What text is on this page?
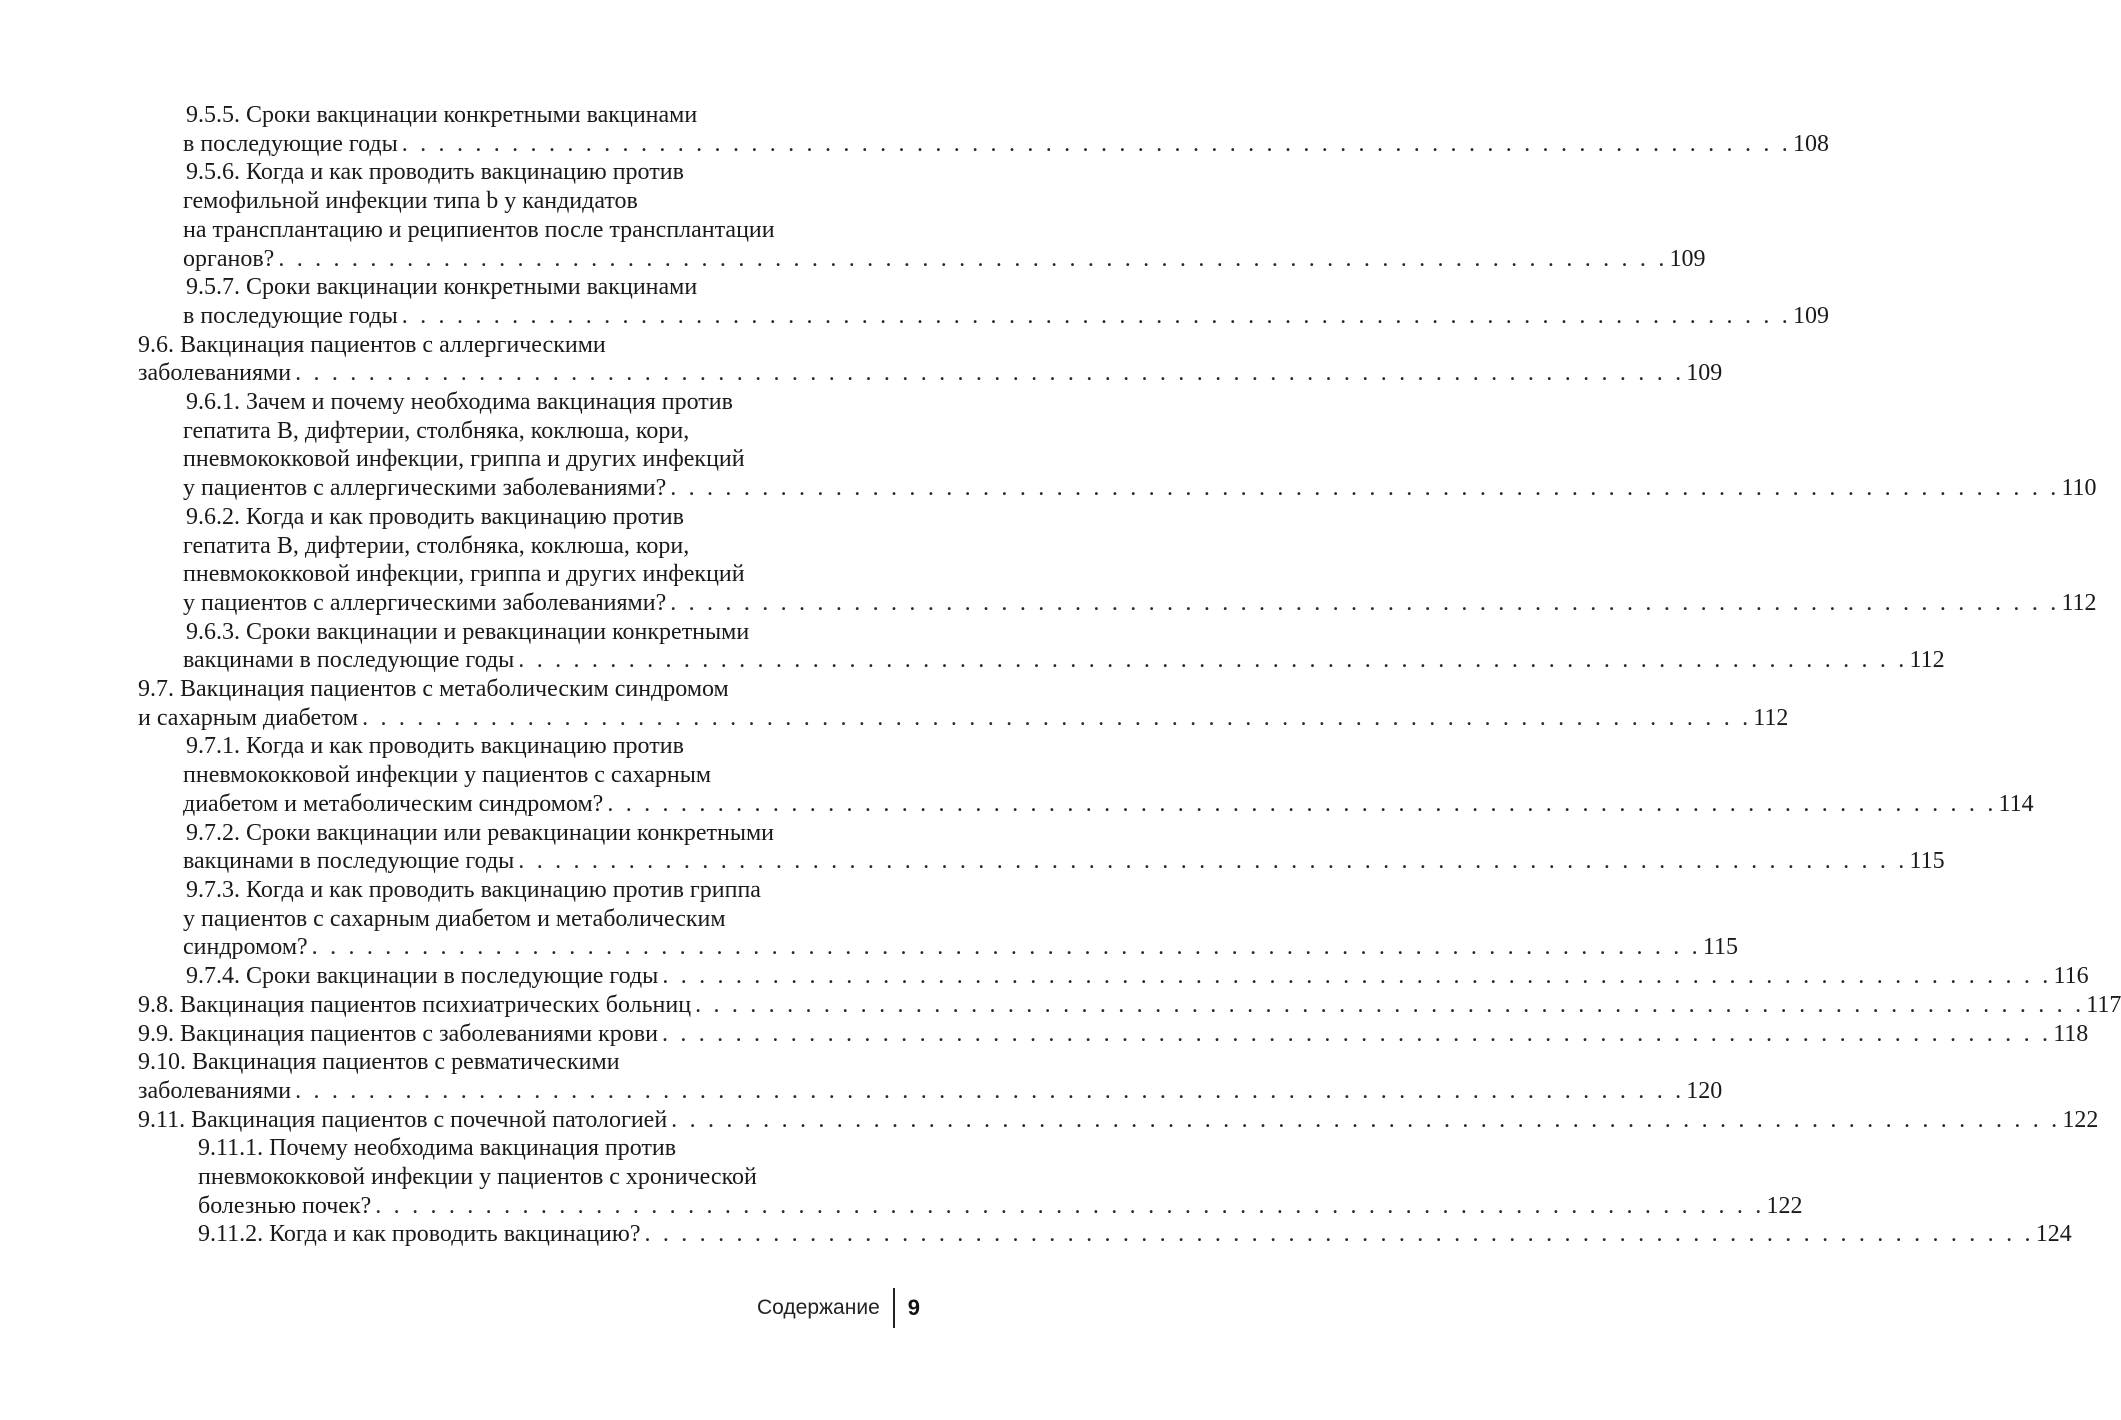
9.5.5. Сроки вакцинации конкретными вакцинами
в последующие годы . . . . . . . . . . . . . . . . . . . . . . . . . . . . . . . . . . . . . . . . . . . . . . . . . . . . . . . . . . . . . . . . . . . . . . . . . . . . 108
9.5.6. Когда и как проводить вакцинацию против
гемофильной инфекции типа b у кандидатов
на трансплантацию и реципиентов после трансплантации
органов? . . . . . . . . . . . . . . . . . . . . . . . . . . . . . . . . . . . . . . . . . . . . . . . . . . . . . . . . . . . . . . . . . . . . . . . . . . . . 109
9.5.7. Сроки вакцинации конкретными вакцинами
в последующие годы . . . . . . . . . . . . . . . . . . . . . . . . . . . . . . . . . . . . . . . . . . . . . . . . . . . . . . . . . . . . . . . . . . . . . . . . . . . . 109
9.6. Вакцинация пациентов с аллергическими
заболеваниями . . . . . . . . . . . . . . . . . . . . . . . . . . . . . . . . . . . . . . . . . . . . . . . . . . . . . . . . . . . . . . . . . . . . . . . . . . . . 109
9.6.1. Зачем и почему необходима вакцинация против
гепатита В, дифтерии, столбняка, коклюша, кори,
пневмококковой инфекции, гриппа и других инфекций
у пациентов с аллергическими заболеваниями? . . . . . . . . . . . . . . . . . . . . . . . . . . . . . . . . . . . . . . . . . . . . . . . . . . . . . . . . . . . . . . . . . . . . . . . . . . . . 110
9.6.2. Когда и как проводить вакцинацию против
гепатита В, дифтерии, столбняка, коклюша, кори,
пневмококковой инфекции, гриппа и других инфекций
у пациентов с аллергическими заболеваниями? . . . . . . . . . . . . . . . . . . . . . . . . . . . . . . . . . . . . . . . . . . . . . . . . . . . . . . . . . . . . . . . . . . . . . . . . . . . . 112
9.6.3. Сроки вакцинации и ревакцинации конкретными
вакцинами в последующие годы . . . . . . . . . . . . . . . . . . . . . . . . . . . . . . . . . . . . . . . . . . . . . . . . . . . . . . . . . . . . . . . . . . . . . . . . . . . . 112
9.7. Вакцинация пациентов с метаболическим синдромом
и сахарным диабетом . . . . . . . . . . . . . . . . . . . . . . . . . . . . . . . . . . . . . . . . . . . . . . . . . . . . . . . . . . . . . . . . . . . . . . . . . . . . 112
9.7.1. Когда и как проводить вакцинацию против
пневмококковой инфекции у пациентов с сахарным
диабетом и метаболическим синдромом? . . . . . . . . . . . . . . . . . . . . . . . . . . . . . . . . . . . . . . . . . . . . . . . . . . . . . . . . . . . . . . . . . . . . . . . . . . . . 114
9.7.2. Сроки вакцинации или ревакцинации конкретными
вакцинами в последующие годы . . . . . . . . . . . . . . . . . . . . . . . . . . . . . . . . . . . . . . . . . . . . . . . . . . . . . . . . . . . . . . . . . . . . . . . . . . . . 115
9.7.3. Когда и как проводить вакцинацию против гриппа
у пациентов с сахарным диабетом и метаболическим
синдромом? . . . . . . . . . . . . . . . . . . . . . . . . . . . . . . . . . . . . . . . . . . . . . . . . . . . . . . . . . . . . . . . . . . . . . . . . . . . . 115
9.7.4. Сроки вакцинации в последующие годы . . . . . . . . . . . . . . . . . . . . . . . . . . . . . . . . . . . . . . . . . . . . . . . . . . . . . . . . . . . . . . . . . . . . . . . . . . . . 116
9.8. Вакцинация пациентов психиатрических больниц . . . . . . . . . . . . . . . . . . . . . . . . . . . . . . . . . . . . . . . . . . . . . . . . . . . . . . . . . . . . . . . . . . . . . . . . . . . . 117
9.9. Вакцинация пациентов с заболеваниями крови . . . . . . . . . . . . . . . . . . . . . . . . . . . . . . . . . . . . . . . . . . . . . . . . . . . . . . . . . . . . . . . . . . . . . . . . . . . . 118
9.10. Вакцинация пациентов с ревматическими
заболеваниями . . . . . . . . . . . . . . . . . . . . . . . . . . . . . . . . . . . . . . . . . . . . . . . . . . . . . . . . . . . . . . . . . . . . . . . . . . . . 120
9.11. Вакцинация пациентов с почечной патологией . . . . . . . . . . . . . . . . . . . . . . . . . . . . . . . . . . . . . . . . . . . . . . . . . . . . . . . . . . . . . . . . . . . . . . . . . . . . 122
9.11.1. Почему необходима вакцинация против
пневмококковой инфекции у пациентов с хронической
болезнью почек? . . . . . . . . . . . . . . . . . . . . . . . . . . . . . . . . . . . . . . . . . . . . . . . . . . . . . . . . . . . . . . . . . . . . . . . . . . . . 122
9.11.2. Когда и как проводить вакцинацию? . . . . . . . . . . . . . . . . . . . . . . . . . . . . . . . . . . . . . . . . . . . . . . . . . . . . . . . . . . . . . . . . . . . . . . . . . . . . 124
Содержание 9
